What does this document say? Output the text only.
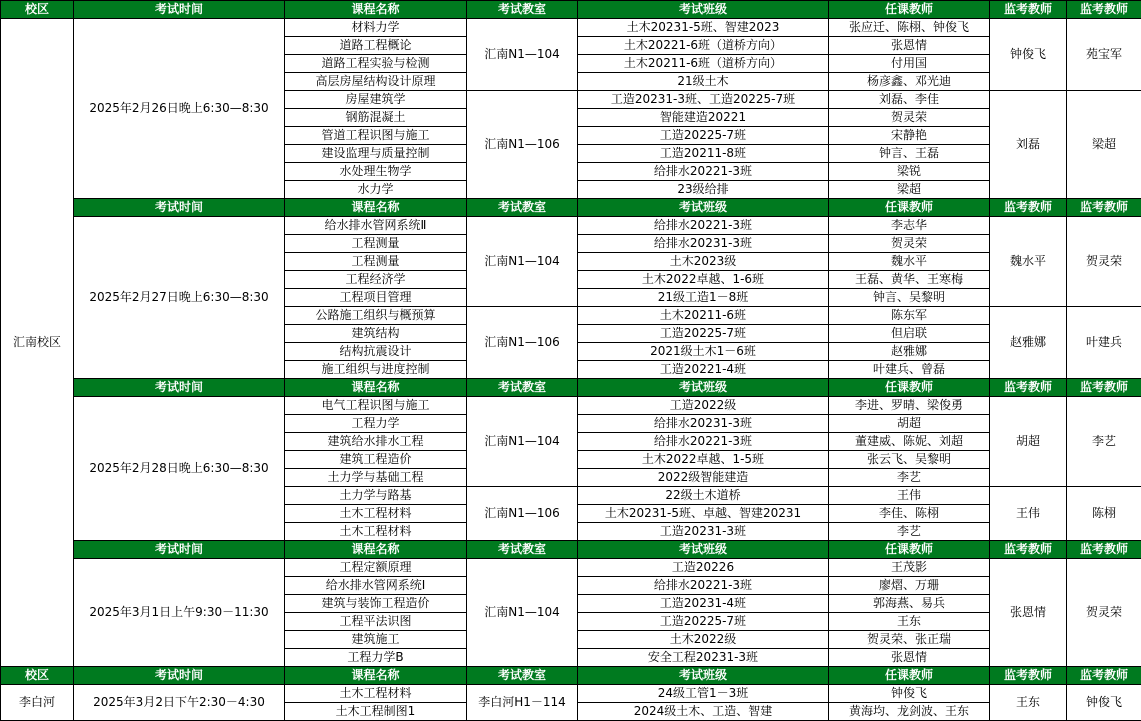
校区	考试时间	课程名称	考试教室	考试班级	任课教师	监考教师	监考教师
汇南校区	2025年2月26日晚上6:30—8:30	材料力学	汇南N1—104	土木20231-5班、智建2023	张应迁、陈栩、钟俊飞	钟俊飞	苑宝军
		道路工程概论		土木20221-6班（道桥方向）	张恩情		
		道路工程实验与检测		土木20211-6班（道桥方向）	付用国		
		高层房屋结构设计原理		21级土木	杨彦鑫、邓光迪		
		房屋建筑学	汇南N1—106	工造20231-3班、工造20225-7班	刘磊、李佳	刘磊	梁超
		钢筋混凝土		智能建造20221	贺灵荣		
		管道工程识图与施工		工造20225-7班	宋静艳		
		建设监理与质量控制		工造20211-8班	钟言、王磊		
		水处理生物学		给排水20221-3班	梁锐		
		水力学		23级给排	梁超		
	考试时间	课程名称	考试教室	考试班级	任课教师	监考教师	监考教师
	2025年2月27日晚上6:30—8:30	给水排水管网系统Ⅱ	汇南N1—104	给排水20221-3班	李志华	魏水平	贺灵荣
		工程测量		给排水20231-3班	贺灵荣		
		工程测量		土木2023级	魏水平		
		工程经济学		土木2022卓越、1-6班	王磊、黄华、王寒梅		
		工程项目管理		21级工造1－8班	钟言、吴黎明		
		公路施工组织与概预算	汇南N1—106	土木20211-6班	陈东军	赵雅娜	叶建兵
		建筑结构		工造20225-7班	但启联		
		结构抗震设计		2021级土木1－6班	赵雅娜		
		施工组织与进度控制		工造20221-4班	叶建兵、曾磊		
	考试时间	课程名称	考试教室	考试班级	任课教师	监考教师	监考教师
	2025年2月28日晚上6:30—8:30	电气工程识图与施工	汇南N1—104	工造2022级	李进、罗晴、梁俊勇	胡超	李艺
		工程力学		给排水20231-3班	胡超		
		建筑给水排水工程		给排水20221-3班	董建威、陈妮、刘超		
		建筑工程造价		土木2022卓越、1-5班	张云飞、吴黎明		
		土力学与基础工程		2022级智能建造	李艺		
		土力学与路基	汇南N1—106	22级土木道桥	王伟	王伟	陈栩
		土木工程材料		土木20231-5班、卓越、智建20231	李佳、陈栩		
		土木工程材料		工造20231-3班	李艺		
	考试时间	课程名称	考试教室	考试班级	任课教师	监考教师	监考教师
	2025年3月1日上午9:30－11:30	工程定额原理	汇南N1—104	工造20226	王茂影	张恩情	贺灵荣
		给水排水管网系统Ⅰ		给排水20221-3班	廖熠、万珊		
		建筑与装饰工程造价		工造20231-4班	郭海燕、易兵		
		工程平法识图		工造20225-7班	王东		
		建筑施工		土木2022级	贺灵荣、张正瑞		
		工程力学B		安全工程20231-3班	张恩情		
校区	考试时间	课程名称	考试教室	考试班级	任课教师	监考教师	监考教师
李白河	2025年3月2日下午2:30－4:30	土木工程材料	李白河H1－114	24级工管1－3班	钟俊飞	王东	钟俊飞
		土木工程制图1		2024级土木、工造、智建	黄海均、龙剑波、王东		
